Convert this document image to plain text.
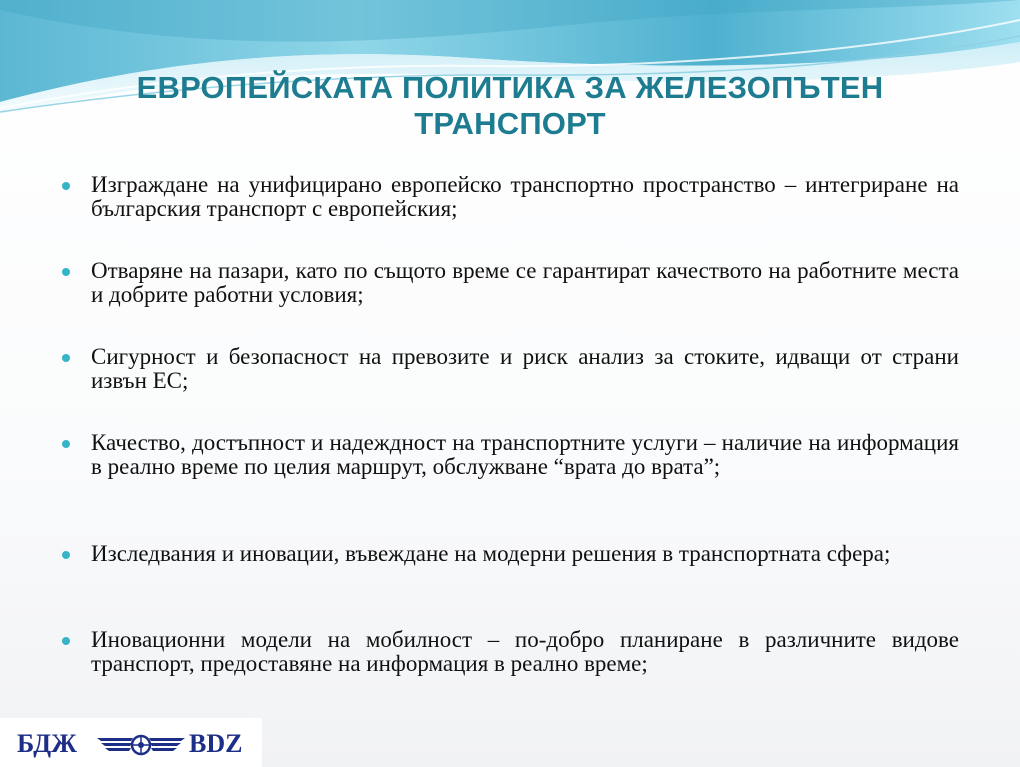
ЕВРОПЕЙСКАТА ПОЛИТИКА ЗА ЖЕЛЕЗОПЪТЕН
ТРАНСПОРТ
Изграждане на унифицирано европейско транспортно пространство – интегриране на българския транспорт с европейския;
Отваряне на пазари, като по същото време се гарантират качеството на работните места и добрите работни условия;
Сигурност и безопасност на превозите и риск анализ за стоките, идващи от страни извън ЕС;
Качество, достъпност и надеждност на транспортните услуги – наличие на информация в реално време по целия маршрут, обслужване “врата до врата”;
Изследвания и иновации, въвеждане на модерни решения в транспортната сфера;
Иновационни модели на мобилност – по-добро планиране в различните видове транспорт, предоставяне на информация в реално време;
БДЖ	BDZ
